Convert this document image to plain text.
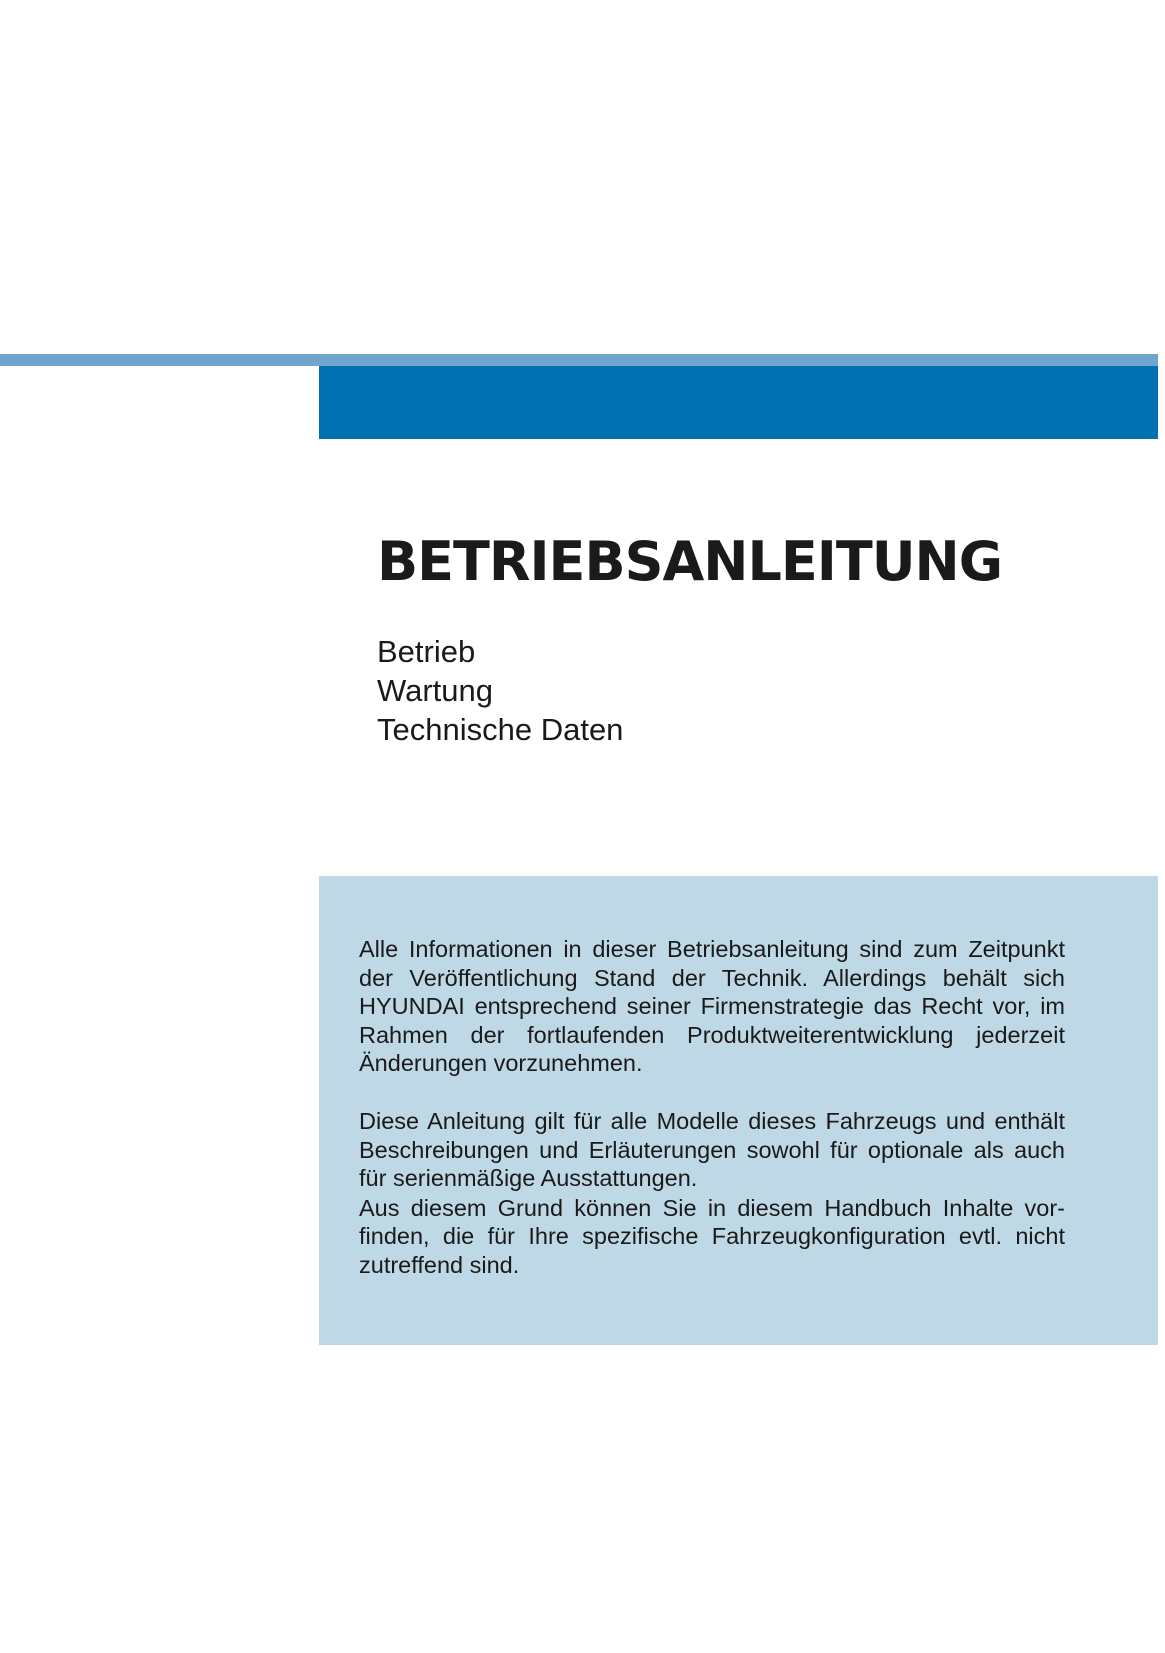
BETRIEBSANLEITUNG
Betrieb
Wartung
Technische Daten

Alle Informationen in dieser Betriebsanleitung sind zum Zeitpunkt der Veröffentlichung Stand der Technik. Allerdings behält sich HYUNDAI entsprechend seiner Firmenstrategie das Recht vor, im Rahmen der fortlaufenden Produktweiterentwicklung jederzeit Änderungen vorzunehmen.

Diese Anleitung gilt für alle Modelle dieses Fahrzeugs und enthält Beschreibungen und Erläuterungen sowohl für optionale als auch für serienmäßige Ausstattungen.

Aus diesem Grund können Sie in diesem Handbuch Inhalte vorfinden, die für Ihre spezifische Fahrzeugkonfiguration evtl. nicht zutreffend sind.
